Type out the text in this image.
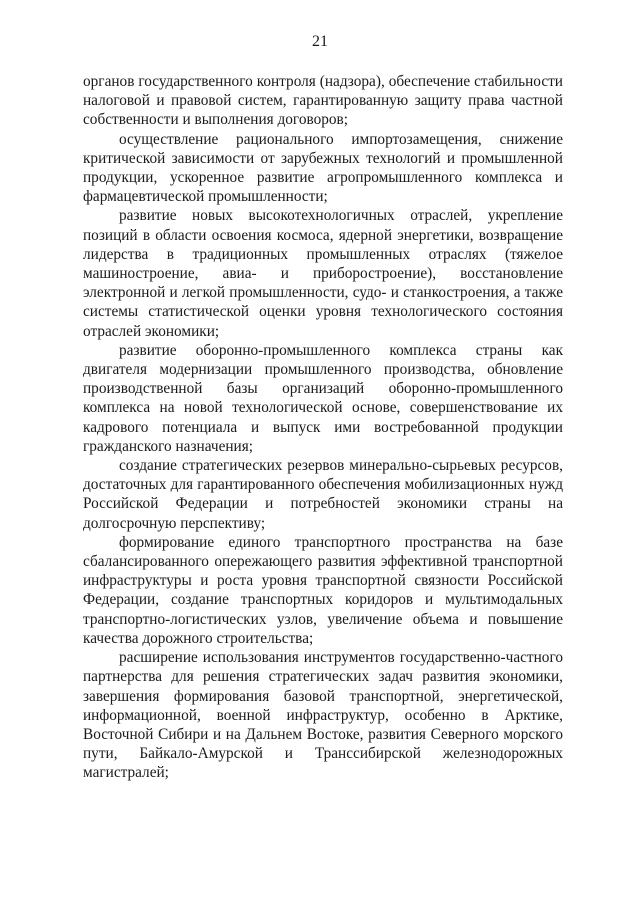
21

органов государственного контроля (надзора), обеспечение стабильности налоговой и правовой систем, гарантированную защиту права частной собственности и выполнения договоров;

осуществление рационального импортозамещения, снижение критической зависимости от зарубежных технологий и промышленной продукции, ускоренное развитие агропромышленного комплекса и фармацевтической промышленности;

развитие новых высокотехнологичных отраслей, укрепление позиций в области освоения космоса, ядерной энергетики, возвращение лидерства в традиционных промышленных отраслях (тяжелое машиностроение, авиа- и приборостроение), восстановление электронной и легкой промышленности, судо- и станкостроения, а также системы статистической оценки уровня технологического состояния отраслей экономики;

развитие оборонно-промышленного комплекса страны как двигателя модернизации промышленного производства, обновление производственной базы организаций оборонно-промышленного комплекса на новой технологической основе, совершенствование их кадрового потенциала и выпуск ими востребованной продукции гражданского назначения;

создание стратегических резервов минерально-сырьевых ресурсов, достаточных для гарантированного обеспечения мобилизационных нужд Российской Федерации и потребностей экономики страны на долгосрочную перспективу;

формирование единого транспортного пространства на базе сбалансированного опережающего развития эффективной транспортной инфраструктуры и роста уровня транспортной связности Российской Федерации, создание транспортных коридоров и мультимодальных транспортно-логистических узлов, увеличение объема и повышение качества дорожного строительства;

расширение использования инструментов государственно-частного партнерства для решения стратегических задач развития экономики, завершения формирования базовой транспортной, энергетической, информационной, военной инфраструктур, особенно в Арктике, Восточной Сибири и на Дальнем Востоке, развития Северного морского пути, Байкало-Амурской и Транссибирской железнодорожных магистралей;
